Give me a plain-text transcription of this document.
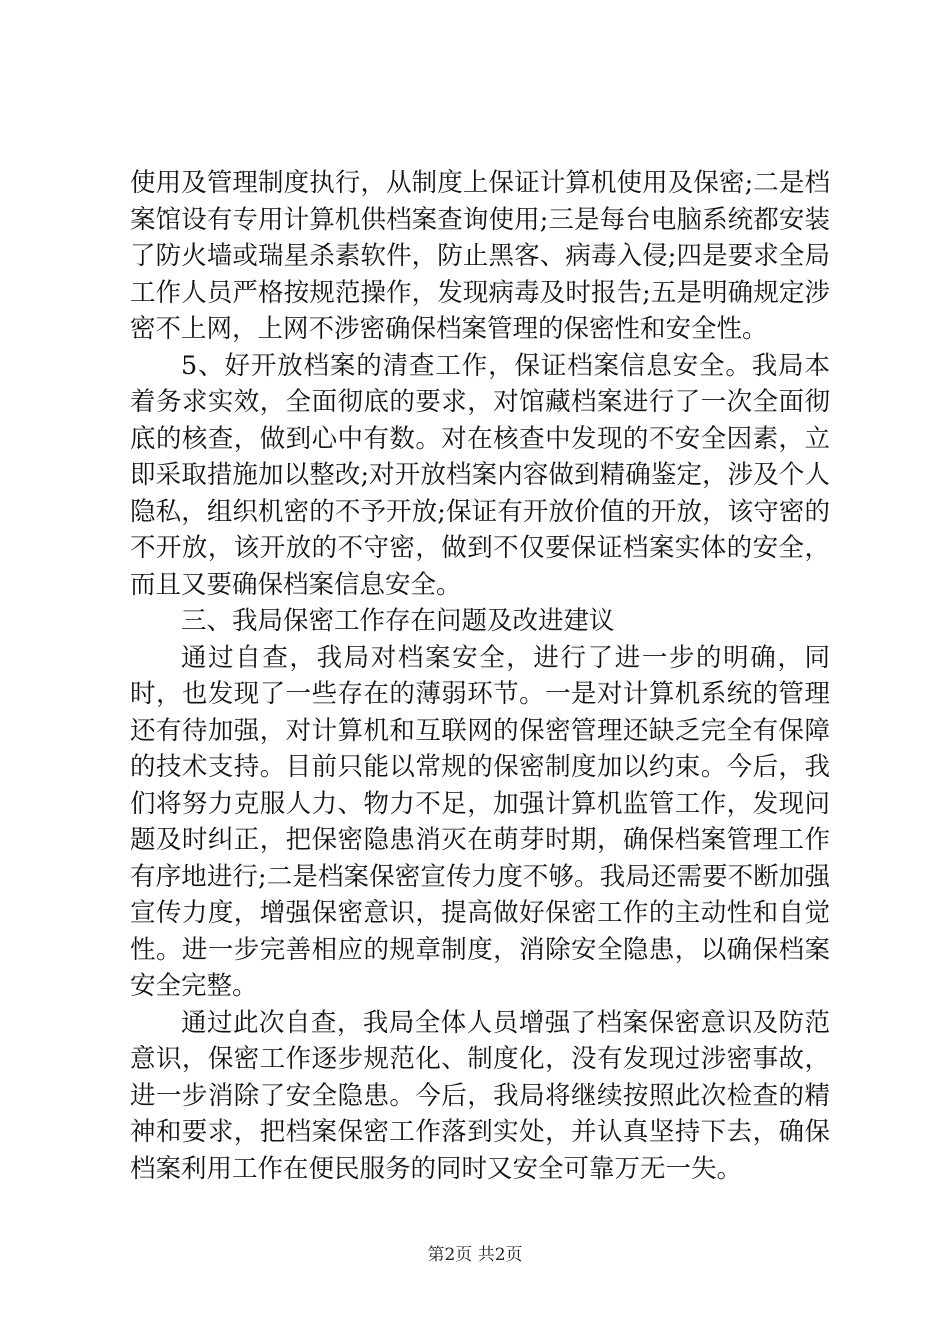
使用及管理制度执行，从制度上保证计算机使用及保密;二是档案馆设有专用计算机供档案查询使用;三是每台电脑系统都安装了防火墙或瑞星杀素软件，防止黑客、病毒入侵;四是要求全局工作人员严格按规范操作，发现病毒及时报告;五是明确规定涉密不上网，上网不涉密确保档案管理的保密性和安全性。

5、好开放档案的清查工作，保证档案信息安全。我局本着务求实效，全面彻底的要求，对馆藏档案进行了一次全面彻底的核查，做到心中有数。对在核查中发现的不安全因素，立即采取措施加以整改;对开放档案内容做到精确鉴定，涉及个人隐私，组织机密的不予开放;保证有开放价值的开放，该守密的不开放，该开放的不守密，做到不仅要保证档案实体的安全，而且又要确保档案信息安全。

三、我局保密工作存在问题及改进建议

通过自查，我局对档案安全，进行了进一步的明确，同时，也发现了一些存在的薄弱环节。一是对计算机系统的管理还有待加强，对计算机和互联网的保密管理还缺乏完全有保障的技术支持。目前只能以常规的保密制度加以约束。今后，我们将努力克服人力、物力不足，加强计算机监管工作，发现问题及时纠正，把保密隐患消灭在萌芽时期，确保档案管理工作有序地进行;二是档案保密宣传力度不够。我局还需要不断加强宣传力度，增强保密意识，提高做好保密工作的主动性和自觉性。进一步完善相应的规章制度，消除安全隐患，以确保档案安全完整。

通过此次自查，我局全体人员增强了档案保密意识及防范意识，保密工作逐步规范化、制度化，没有发现过涉密事故，进一步消除了安全隐患。今后，我局将继续按照此次检查的精神和要求，把档案保密工作落到实处，并认真坚持下去，确保档案利用工作在便民服务的同时又安全可靠万无一失。

第2页 共2页
